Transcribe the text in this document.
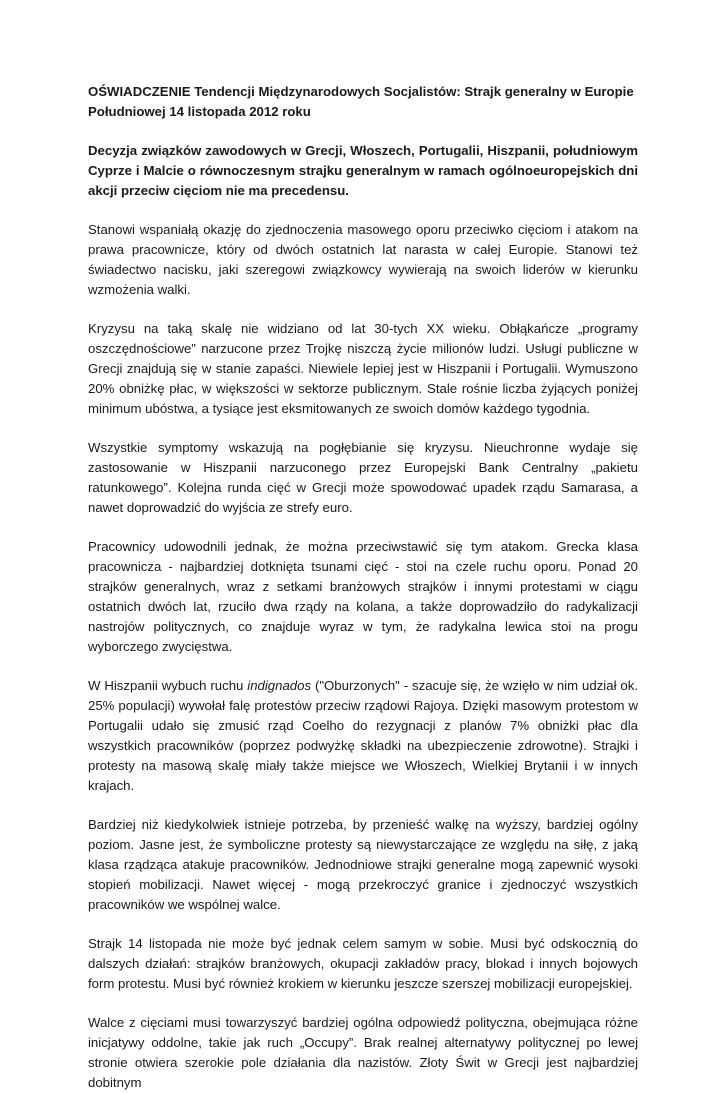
OŚWIADCZENIE Tendencji Międzynarodowych Socjalistów: Strajk generalny w Europie Południowej 14 listopada 2012 roku
Decyzja związków zawodowych w Grecji, Włoszech, Portugalii, Hiszpanii, południowym Cyprze i Malcie o równoczesnym strajku generalnym w ramach ogólnoeuropejskich dni akcji przeciw cięciom nie ma precedensu.

Stanowi wspaniałą okazję do zjednoczenia masowego oporu przeciwko cięciom i atakom na prawa pracownicze, który od dwóch ostatnich lat narasta w całej Europie. Stanowi też świadectwo nacisku, jaki szeregowi związkowcy wywierają na swoich liderów w kierunku wzmożenia walki.

Kryzysu na taką skalę nie widziano od lat 30-tych XX wieku. Obłąkańcze „programy oszczędnościowe” narzucone przez Trojkę niszczą życie milionów ludzi. Usługi publiczne w Grecji znajdują się w stanie zapaści. Niewiele lepiej jest w Hiszpanii i Portugalii. Wymuszono 20% obniżkę płac, w większości w sektorze publicznym. Stale rośnie liczba żyjących poniżej minimum ubóstwa, a tysiące jest eksmitowanych ze swoich domów każdego tygodnia.

Wszystkie symptomy wskazują na pogłębianie się kryzysu. Nieuchronne wydaje się zastosowanie w Hiszpanii narzuconego przez Europejski Bank Centralny „pakietu ratunkowego”. Kolejna runda cięć w Grecji może spowodować upadek rządu Samarasa, a nawet doprowadzić do wyjścia ze strefy euro.

Pracownicy udowodnili jednak, że można przeciwstawić się tym atakom. Grecka klasa pracownicza - najbardziej dotknięta tsunami cięć - stoi na czele ruchu oporu. Ponad 20 strajków generalnych, wraz z setkami branżowych strajków i innymi protestami w ciągu ostatnich dwóch lat, rzuciło dwa rządy na kolana, a także doprowadziło do radykalizacji nastrojów politycznych, co znajduje wyraz w tym, że radykalna lewica stoi na progu wyborczego zwycięstwa.

W Hiszpanii wybuch ruchu indignados ("Oburzonych" - szacuje się, że wzięło w nim udział ok. 25% populacji) wywołał falę protestów przeciw rządowi Rajoya. Dzięki masowym protestom w Portugalii udało się zmusić rząd Coelho do rezygnacji z planów 7% obniżki płac dla wszystkich pracowników (poprzez podwyżkę składki na ubezpieczenie zdrowotne). Strajki i protesty na masową skalę miały także miejsce we Włoszech, Wielkiej Brytanii i w innych krajach.

Bardziej niż kiedykolwiek istnieje potrzeba, by przenieść walkę na wyższy, bardziej ogólny poziom. Jasne jest, że symboliczne protesty są niewystarczające ze względu na siłę, z jaką klasa rządząca atakuje pracowników. Jednodniowe strajki generalne mogą zapewnić wysoki stopień mobilizacji. Nawet więcej - mogą przekroczyć granice i zjednoczyć wszystkich pracowników we wspólnej walce.

Strajk 14 listopada nie może być jednak celem samym w sobie. Musi być odskocznią do dalszych działań: strajków branżowych, okupacji zakładów pracy, blokad i innych bojowych form protestu. Musi być również krokiem w kierunku jeszcze szerszej mobilizacji europejskiej.

Walce z cięciami musi towarzyszyć bardziej ogólna odpowiedź polityczna, obejmująca różne inicjatywy oddolne, takie jak ruch „Occupy”. Brak realnej alternatywy politycznej po lewej stronie otwiera szerokie pole działania dla nazistów. Złoty Świt w Grecji jest najbardziej dobitnym
